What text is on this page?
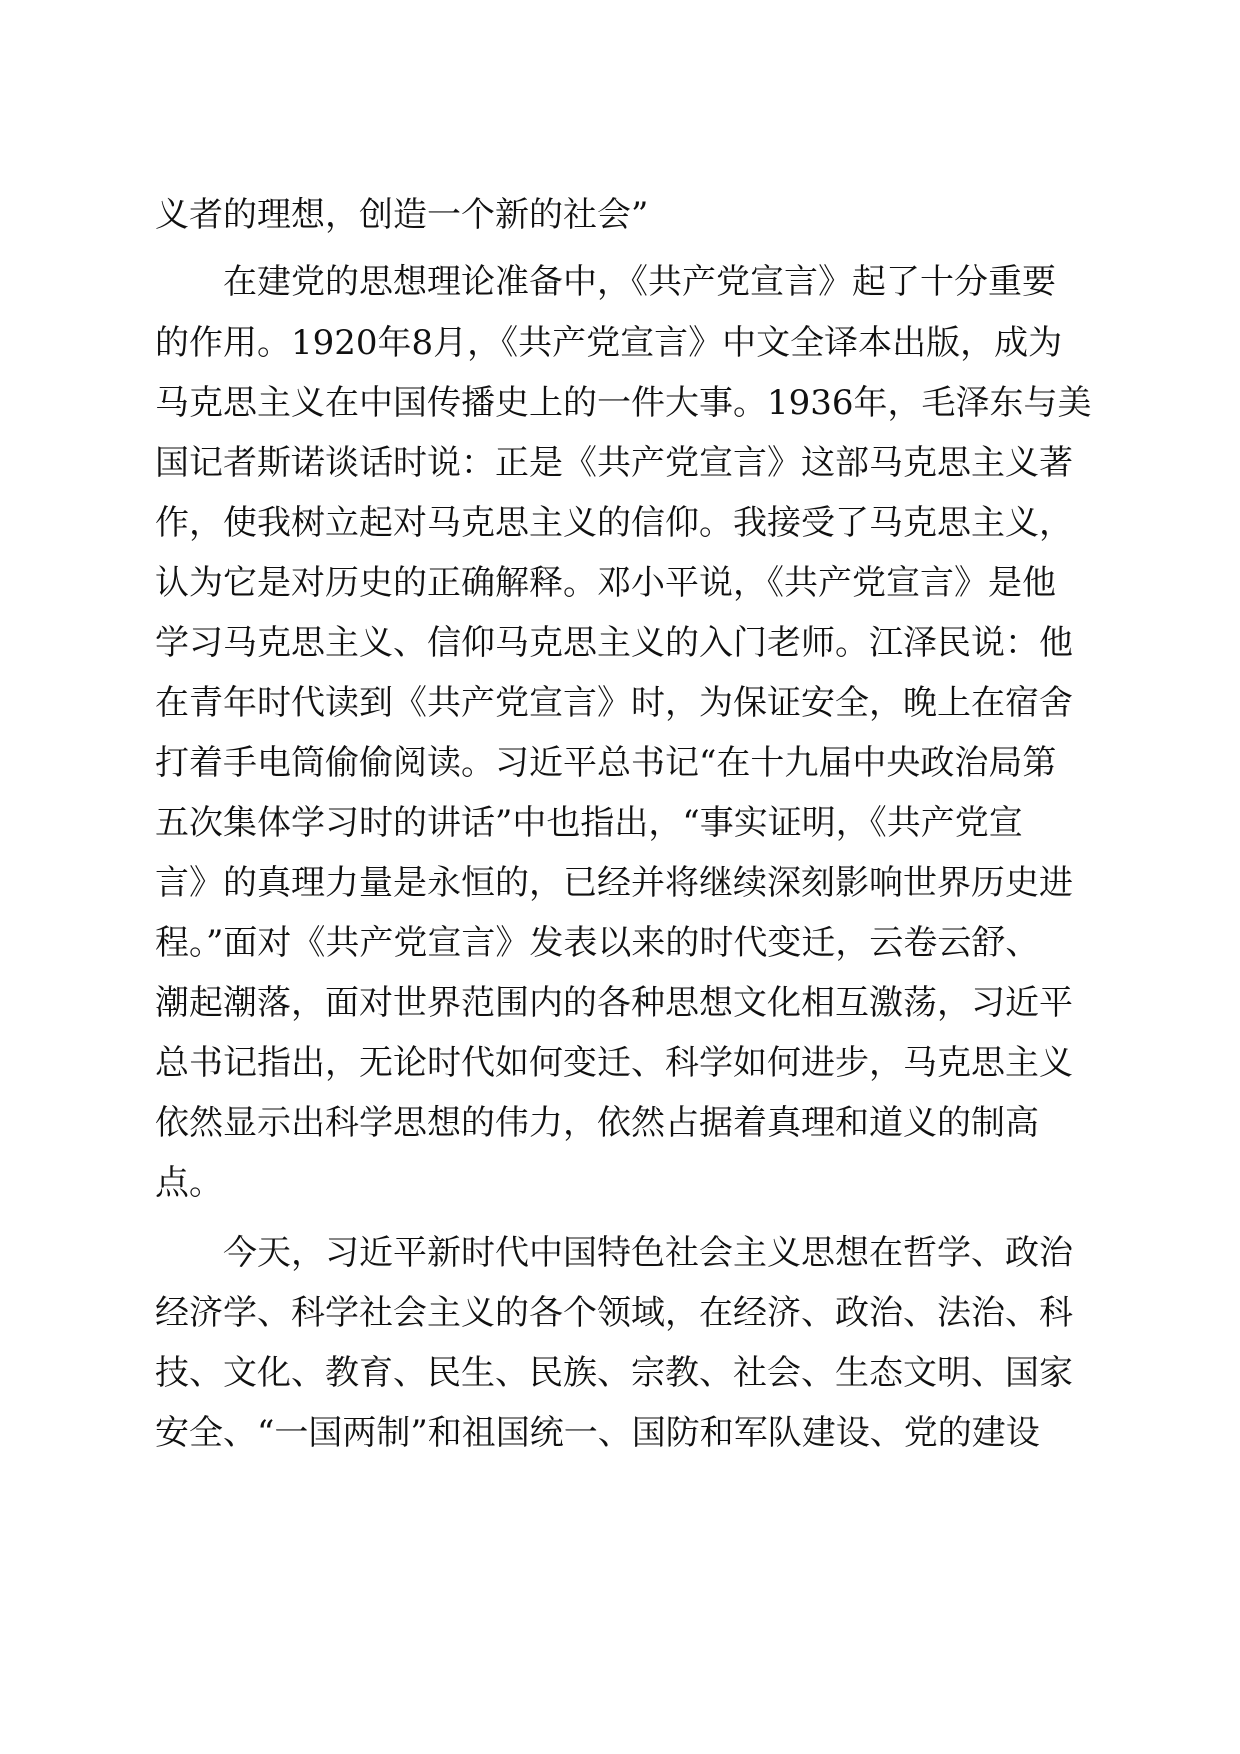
义者的理想，创造一个新的社会”
在建党的思想理论准备中，《共产党宣言》起了十分重要
的作用。1920年8月，《共产党宣言》中文全译本出版，成为
马克思主义在中国传播史上的一件大事。1936年，毛泽东与美
国记者斯诺谈话时说：正是《共产党宣言》这部马克思主义著
作，使我树立起对马克思主义的信仰。我接受了马克思主义，
认为它是对历史的正确解释。邓小平说，《共产党宣言》是他
学习马克思主义、信仰马克思主义的入门老师。江泽民说：他
在青年时代读到《共产党宣言》时，为保证安全，晚上在宿舍
打着手电筒偷偷阅读。习近平总书记“在十九届中央政治局第
五次集体学习时的讲话”中也指出，“事实证明，《共产党宣
言》的真理力量是永恒的，已经并将继续深刻影响世界历史进
程。”面对《共产党宣言》发表以来的时代变迁，云卷云舒、
潮起潮落，面对世界范围内的各种思想文化相互激荡，习近平
总书记指出，无论时代如何变迁、科学如何进步，马克思主义
依然显示出科学思想的伟力，依然占据着真理和道义的制高
点。
今天，习近平新时代中国特色社会主义思想在哲学、政治
经济学、科学社会主义的各个领域，在经济、政治、法治、科
技、文化、教育、民生、民族、宗教、社会、生态文明、国家
安全、“一国两制”和祖国统一、国防和军队建设、党的建设
